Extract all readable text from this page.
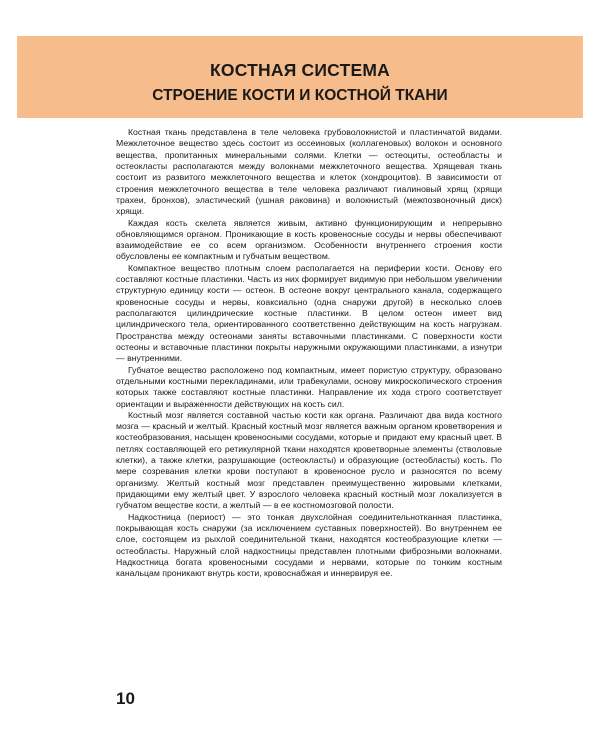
КОСТНАЯ СИСТЕМА
СТРОЕНИЕ КОСТИ И КОСТНОЙ ТКАНИ

Костная ткань представлена в теле человека грубоволокнистой и пластинчатой видами. Межклеточное вещество здесь состоит из оссеиновых (коллагеновых) волокон и основного вещества, пропитанных минеральными солями. Клетки — остеоциты, остеобласты и остеокласты располагаются между волокнами межклеточного вещества. Хрящевая ткань состоит из развитого межклеточного вещества и клеток (хондроцитов). В зависимости от строения межклеточного вещества в теле человека различают гиалиновый хрящ (хрящи трахеи, бронхов), эластический (ушная раковина) и волокнистый (межпозвоночный диск) хрящи.

Каждая кость скелета является живым, активно функционирующим и непрерывно обновляющимся органом. Проникающие в кость кровеносные сосуды и нервы обеспечивают взаимодействие ее со всем организмом. Особенности внутреннего строения кости обусловлены ее компактным и губчатым веществом.

Компактное вещество плотным слоем располагается на периферии кости. Основу его составляют костные пластинки. Часть из них формирует видимую при небольшом увеличении структурную единицу кости — остеон. В остеоне вокруг центрального канала, содержащего кровеносные сосуды и нервы, коаксиально (одна снаружи другой) в несколько слоев располагаются цилиндрические костные пластинки. В целом остеон имеет вид цилиндрического тела, ориентированного соответственно действующим на кость нагрузкам. Пространства между остеонами заняты вставочными пластинками. С поверхности кости остеоны и вставочные пластинки покрыты наружными окружающими пластинками, а изнутри — внутренними.

Губчатое вещество расположено под компактным, имеет пористую структуру, образовано отдельными костными перекладинами, или трабекулами, основу микроскопического строения которых также составляют костные пластинки. Направление их хода строго соответствует ориентации и выраженности действующих на кость сил.

Костный мозг является составной частью кости как органа. Различают два вида костного мозга — красный и желтый. Красный костный мозг является важным органом кроветворения и костеобразования, насыщен кровеносными сосудами, которые и придают ему красный цвет. В петлях составляющей его ретикулярной ткани находятся кроветворные элементы (стволовые клетки), а также клетки, разрушающие (остеокласты) и образующие (остеобласты) кость. По мере созревания клетки крови поступают в кровеносное русло и разносятся по всему организму. Желтый костный мозг представлен преимущественно жировыми клетками, придающими ему желтый цвет. У взрослого человека красный костный мозг локализуется в губчатом веществе кости, а желтый — в ее костномозговой полости.

Надкостница (периост) — это тонкая двухслойная соединительнотканная пластинка, покрывающая кость снаружи (за исключением суставных поверхностей). Во внутреннем ее слое, состоящем из рыхлой соединительной ткани, находятся костеобразующие клетки — остеобласты. Наружный слой надкостницы представлен плотными фиброзными волокнами. Надкостница богата кровеносными сосудами и нервами, которые по тонким костным канальцам проникают внутрь кости, кровоснабжая и иннервируя ее.

10
